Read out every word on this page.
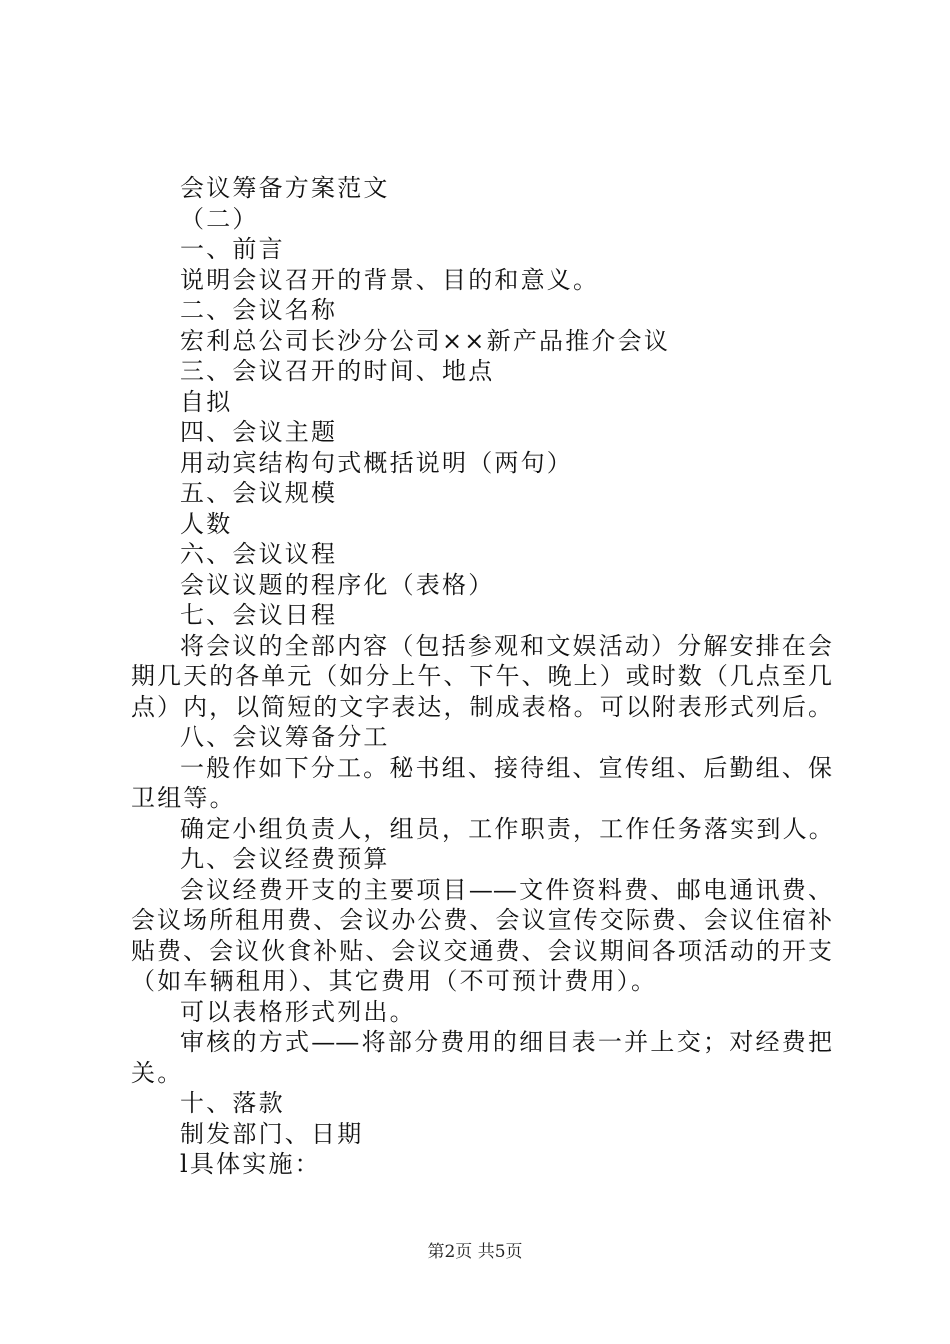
会议筹备方案范文
（二）
一、前言
说明会议召开的背景、目的和意义。
二、会议名称
宏利总公司长沙分公司××新产品推介会议
三、会议召开的时间、地点
自拟
四、会议主题
用动宾结构句式概括说明（两句）
五、会议规模
人数
六、会议议程
会议议题的程序化（表格）
七、会议日程
将会议的全部内容（包括参观和文娱活动）分解安排在会
期几天的各单元（如分上午、下午、晚上）或时数（几点至几
点）内，以简短的文字表达，制成表格。可以附表形式列后。
八、会议筹备分工
一般作如下分工。秘书组、接待组、宣传组、后勤组、保
卫组等。
确定小组负责人，组员，工作职责，工作任务落实到人。
九、会议经费预算
会议经费开支的主要项目——文件资料费、邮电通讯费、
会议场所租用费、会议办公费、会议宣传交际费、会议住宿补
贴费、会议伙食补贴、会议交通费、会议期间各项活动的开支
（如车辆租用）、其它费用（不可预计费用）。
可以表格形式列出。
审核的方式——将部分费用的细目表一并上交；对经费把
关。
十、落款
制发部门、日期
l具体实施：
第2页 共5页
